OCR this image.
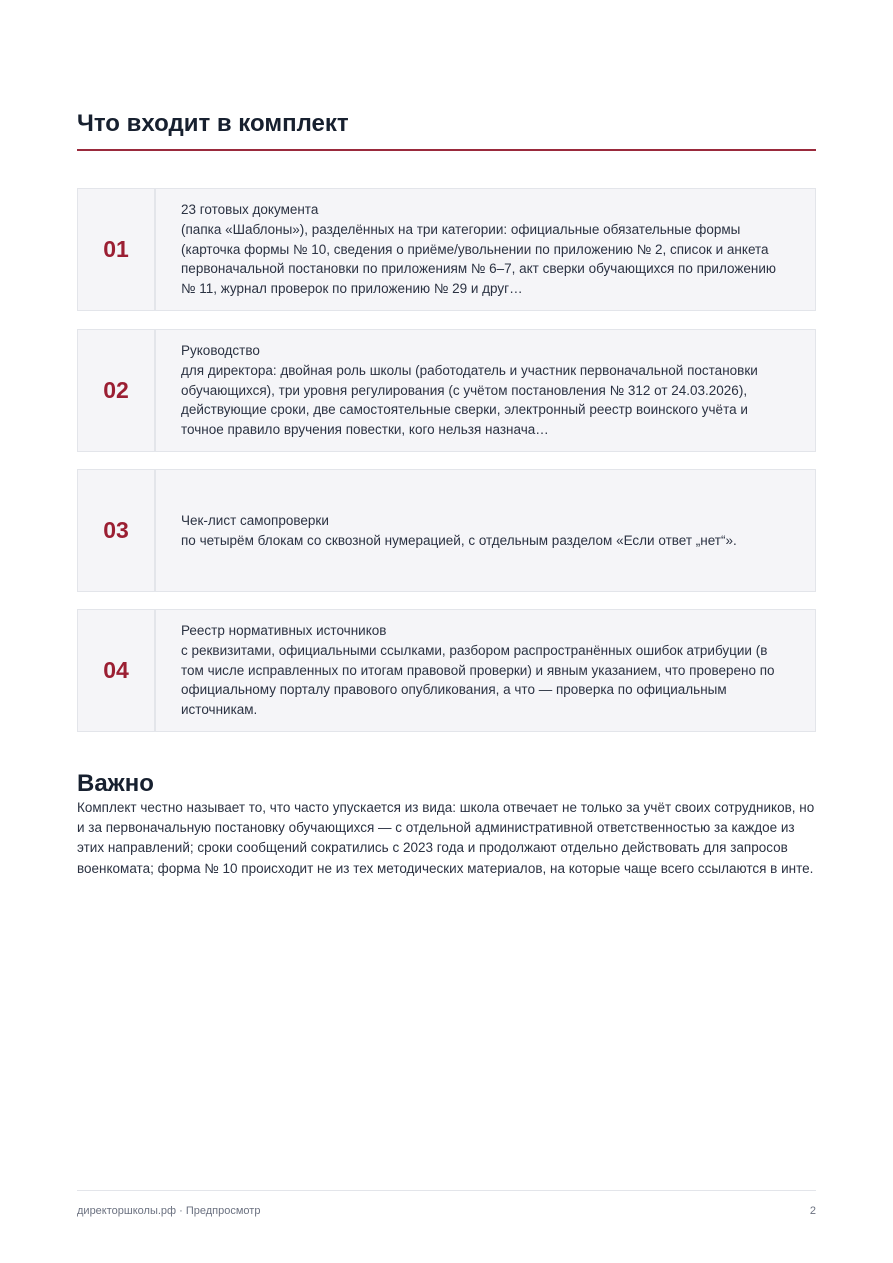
Что входит в комплект
01
23 готовых документа
(папка «Шаблоны»), разделённых на три категории: официальные обязательные формы (карточка формы № 10, сведения о приёме/увольнении по приложению № 2, список и анкета первоначальной постановки по приложениям № 6–7, акт сверки обучающихся по приложению № 11, журнал проверок по приложению № 29 и друг…
02
Руководство
для директора: двойная роль школы (работодатель и участник первоначальной постановки обучающихся), три уровня регулирования (с учётом постановления № 312 от 24.03.2026), действующие сроки, две самостоятельные сверки, электронный реестр воинского учёта и точное правило вручения повестки, кого нельзя назнача…
03	Чек-лист самопроверки
по четырём блокам со сквозной нумерацией, с отдельным разделом «Если ответ „нет“».
04
Реестр нормативных источников
с реквизитами, официальными ссылками, разбором распространённых ошибок атрибуции (в том числе исправленных по итогам правовой проверки) и явным указанием, что проверено по официальному порталу правового опубликования, а что — проверка по официальным источникам.
Важно

Комплект честно называет то, что часто упускается из вида: школа отвечает не только за учёт своих сотрудников, но и за первоначальную постановку обучающихся — с отдельной административной ответственностью за каждое из этих направлений; сроки сообщений сократились с 2023 года и продолжают отдельно действовать для запросов военкомата; форма № 10 происходит не из тех методических материалов, на которые чаще всего ссылаются в инте.

директоршколы.рф · Предпросмотр	2
